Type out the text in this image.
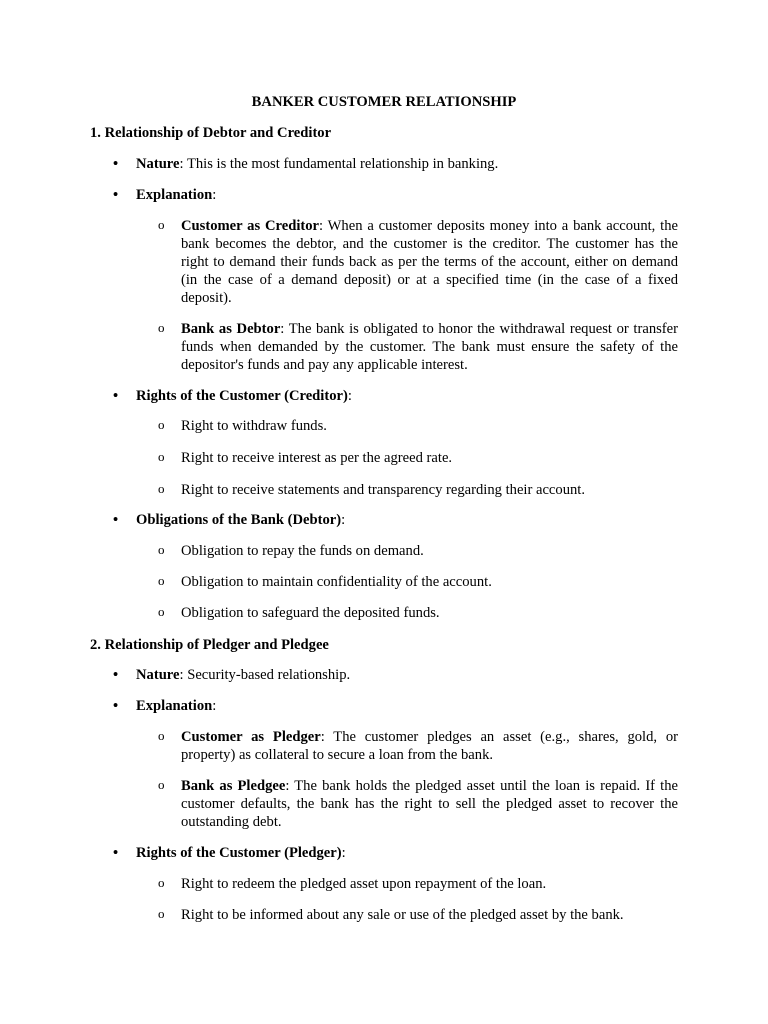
BANKER CUSTOMER RELATIONSHIP

1. Relationship of Debtor and Creditor

• Nature: This is the most fundamental relationship in banking.
• Explanation:
o Customer as Creditor: When a customer deposits money into a bank account, the bank becomes the debtor, and the customer is the creditor. The customer has the right to demand their funds back as per the terms of the account, either on demand (in the case of a demand deposit) or at a specified time (in the case of a fixed deposit).
o Bank as Debtor: The bank is obligated to honor the withdrawal request or transfer funds when demanded by the customer. The bank must ensure the safety of the depositor's funds and pay any applicable interest.
• Rights of the Customer (Creditor):
o Right to withdraw funds.
o Right to receive interest as per the agreed rate.
o Right to receive statements and transparency regarding their account.
• Obligations of the Bank (Debtor):
o Obligation to repay the funds on demand.
o Obligation to maintain confidentiality of the account.
o Obligation to safeguard the deposited funds.

2. Relationship of Pledger and Pledgee

• Nature: Security-based relationship.
• Explanation:
o Customer as Pledger: The customer pledges an asset (e.g., shares, gold, or property) as collateral to secure a loan from the bank.
o Bank as Pledgee: The bank holds the pledged asset until the loan is repaid. If the customer defaults, the bank has the right to sell the pledged asset to recover the outstanding debt.
• Rights of the Customer (Pledger):
o Right to redeem the pledged asset upon repayment of the loan.
o Right to be informed about any sale or use of the pledged asset by the bank.
